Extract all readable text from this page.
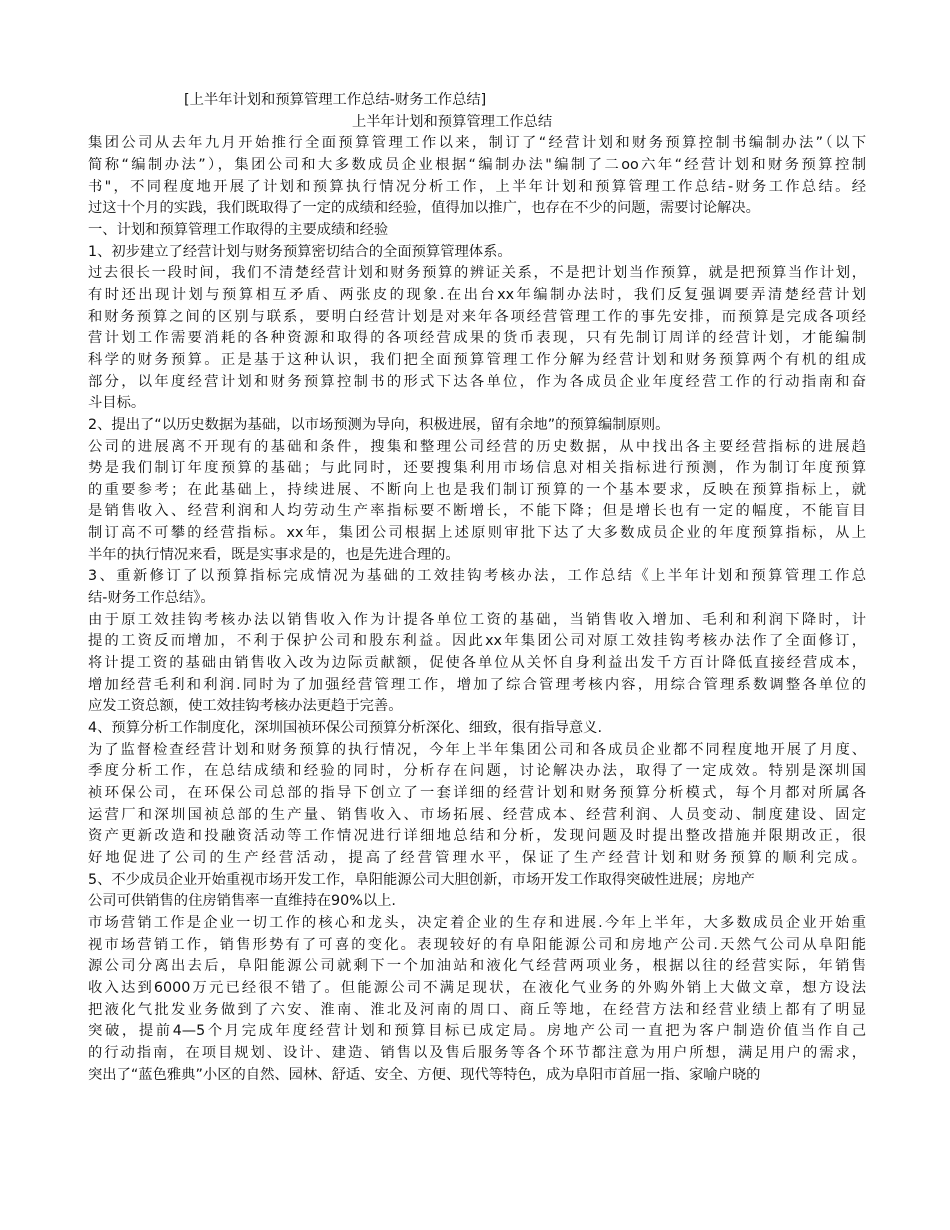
[上半年计划和预算管理工作总结-财务工作总结]
上半年计划和预算管理工作总结
集团公司从去年九月开始推行全面预算管理工作以来，制订了“经营计划和财务预算控制书编制办法”（以下
简称“编制办法”），集团公司和大多数成员企业根据“编制办法"编制了二oo六年“经营计划和财务预算控制
书"，不同程度地开展了计划和预算执行情况分析工作，上半年计划和预算管理工作总结-财务工作总结。经
过这十个月的实践，我们既取得了一定的成绩和经验，值得加以推广，也存在不少的问题，需要讨论解决。
一、计划和预算管理工作取得的主要成绩和经验
1、初步建立了经营计划与财务预算密切结合的全面预算管理体系。
过去很长一段时间，我们不清楚经营计划和财务预算的辨证关系，不是把计划当作预算，就是把预算当作计划，
有时还出现计划与预算相互矛盾、两张皮的现象.在出台xx年编制办法时，我们反复强调要弄清楚经营计划
和财务预算之间的区别与联系，要明白经营计划是对来年各项经营管理工作的事先安排，而预算是完成各项经
营计划工作需要消耗的各种资源和取得的各项经营成果的货币表现，只有先制订周详的经营计划，才能编制
科学的财务预算。正是基于这种认识，我们把全面预算管理工作分解为经营计划和财务预算两个有机的组成
部分，以年度经营计划和财务预算控制书的形式下达各单位，作为各成员企业年度经营工作的行动指南和奋
斗目标。
2、提出了“以历史数据为基础，以市场预测为导向，积极进展，留有余地”的预算编制原则。
公司的进展离不开现有的基础和条件，搜集和整理公司经营的历史数据，从中找出各主要经营指标的进展趋
势是我们制订年度预算的基础；与此同时，还要搜集利用市场信息对相关指标进行预测，作为制订年度预算
的重要参考；在此基础上，持续进展、不断向上也是我们制订预算的一个基本要求，反映在预算指标上，就
是销售收入、经营利润和人均劳动生产率指标要不断增长，不能下降；但是增长也有一定的幅度，不能盲目
制订高不可攀的经营指标。xx年，集团公司根据上述原则审批下达了大多数成员企业的年度预算指标，从上
半年的执行情况来看，既是实事求是的，也是先进合理的。
3、重新修订了以预算指标完成情况为基础的工效挂钩考核办法，工作总结《上半年计划和预算管理工作总
结-财务工作总结》。
由于原工效挂钩考核办法以销售收入作为计提各单位工资的基础，当销售收入增加、毛利和利润下降时，计
提的工资反而增加，不利于保护公司和股东利益。因此xx年集团公司对原工效挂钩考核办法作了全面修订，
将计提工资的基础由销售收入改为边际贡献额，促使各单位从关怀自身利益出发千方百计降低直接经营成本，
增加经营毛利和利润.同时为了加强经营管理工作，增加了综合管理考核内容，用综合管理系数调整各单位的
应发工资总额，使工效挂钩考核办法更趋于完善。
4、预算分析工作制度化，深圳国祯环保公司预算分析深化、细致，很有指导意义.
为了监督检查经营计划和财务预算的执行情况，今年上半年集团公司和各成员企业都不同程度地开展了月度、
季度分析工作，在总结成绩和经验的同时，分析存在问题，讨论解决办法，取得了一定成效。特别是深圳国
祯环保公司，在环保公司总部的指导下创立了一套详细的经营计划和财务预算分析模式，每个月都对所属各
运营厂和深圳国祯总部的生产量、销售收入、市场拓展、经营成本、经营利润、人员变动、制度建设、固定
资产更新改造和投融资活动等工作情况进行详细地总结和分析，发现问题及时提出整改措施并限期改正，很
好地促进了公司的生产经营活动，提高了经营管理水平，保证了生产经营计划和财务预算的顺利完成。
5、不少成员企业开始重视市场开发工作，阜阳能源公司大胆创新，市场开发工作取得突破性进展；房地产
公司可供销售的住房销售率一直维持在90%以上.
市场营销工作是企业一切工作的核心和龙头，决定着企业的生存和进展.今年上半年，大多数成员企业开始重
视市场营销工作，销售形势有了可喜的变化。表现较好的有阜阳能源公司和房地产公司.天然气公司从阜阳能
源公司分离出去后，阜阳能源公司就剩下一个加油站和液化气经营两项业务，根据以往的经营实际，年销售
收入达到6000万元已经很不错了。但能源公司不满足现状，在液化气业务的外购外销上大做文章，想方设法
把液化气批发业务做到了六安、淮南、淮北及河南的周口、商丘等地，在经营方法和经营业绩上都有了明显
突破，提前4—5个月完成年度经营计划和预算目标已成定局。房地产公司一直把为客户制造价值当作自己
的行动指南，在项目规划、设计、建造、销售以及售后服务等各个环节都注意为用户所想，满足用户的需求，
突出了“蓝色雅典”小区的自然、园林、舒适、安全、方便、现代等特色，成为阜阳市首屈一指、家喻户晓的
